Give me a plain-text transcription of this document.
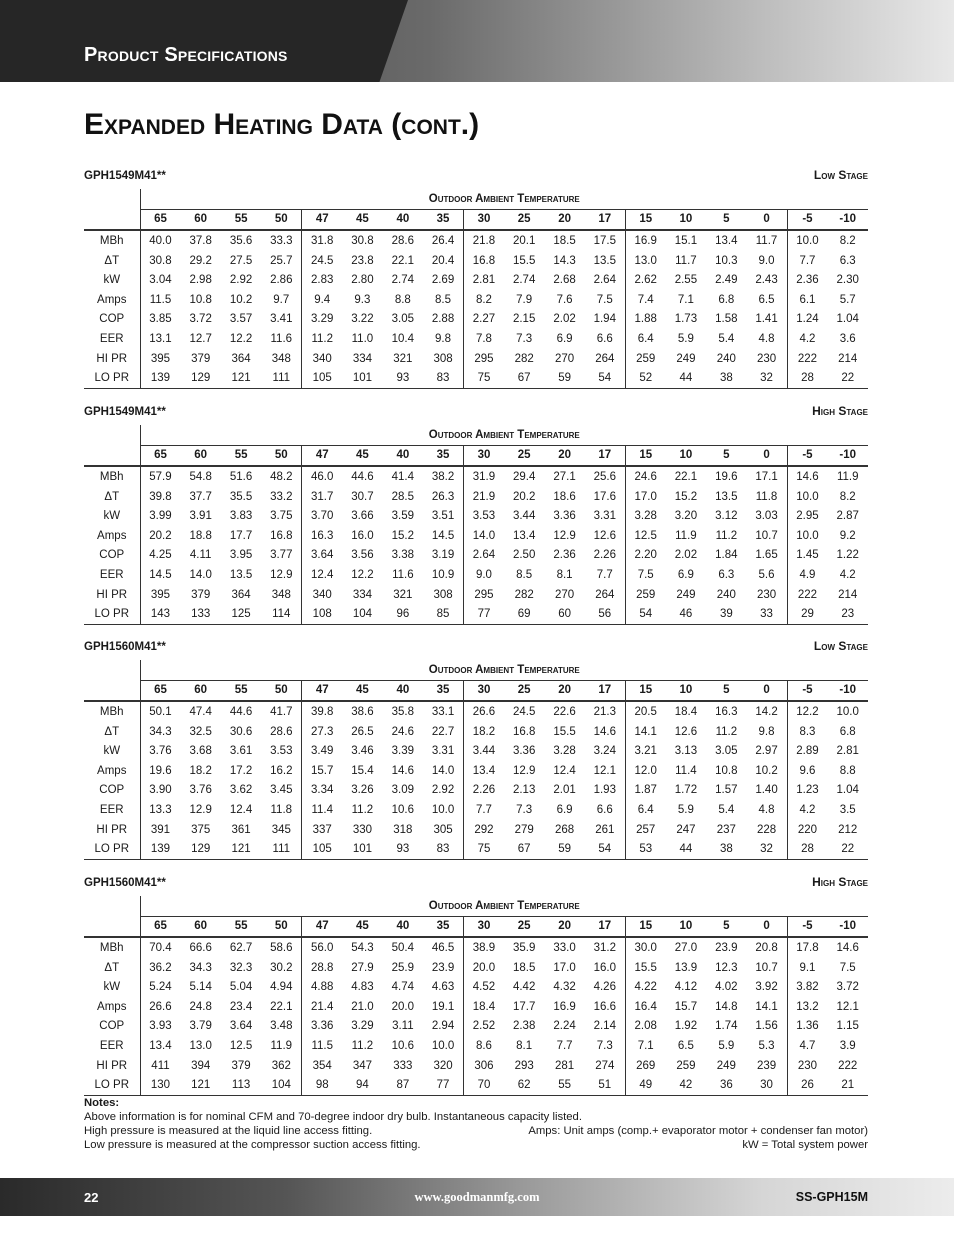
Product Specifications
Expanded Heating Data (cont.)
GPH1549M41**	Low Stage
	Outdoor Ambient Temperature																	
	65	60	55	50	47	45	40	35	30	25	20	17	15	10	5	0	-5	-10
MBh	40.0	37.8	35.6	33.3	31.8	30.8	28.6	26.4	21.8	20.1	18.5	17.5	16.9	15.1	13.4	11.7	10.0	8.2
ΔT	30.8	29.2	27.5	25.7	24.5	23.8	22.1	20.4	16.8	15.5	14.3	13.5	13.0	11.7	10.3	9.0	7.7	6.3
kW	3.04	2.98	2.92	2.86	2.83	2.80	2.74	2.69	2.81	2.74	2.68	2.64	2.62	2.55	2.49	2.43	2.36	2.30
Amps	11.5	10.8	10.2	9.7	9.4	9.3	8.8	8.5	8.2	7.9	7.6	7.5	7.4	7.1	6.8	6.5	6.1	5.7
COP	3.85	3.72	3.57	3.41	3.29	3.22	3.05	2.88	2.27	2.15	2.02	1.94	1.88	1.73	1.58	1.41	1.24	1.04
EER	13.1	12.7	12.2	11.6	11.2	11.0	10.4	9.8	7.8	7.3	6.9	6.6	6.4	5.9	5.4	4.8	4.2	3.6
HI PR	395	379	364	348	340	334	321	308	295	282	270	264	259	249	240	230	222	214
LO PR	139	129	121	111	105	101	93	83	75	67	59	54	52	44	38	32	28	22
GPH1549M41**	High Stage
	Outdoor Ambient Temperature																	
	65	60	55	50	47	45	40	35	30	25	20	17	15	10	5	0	-5	-10
MBh	57.9	54.8	51.6	48.2	46.0	44.6	41.4	38.2	31.9	29.4	27.1	25.6	24.6	22.1	19.6	17.1	14.6	11.9
ΔT	39.8	37.7	35.5	33.2	31.7	30.7	28.5	26.3	21.9	20.2	18.6	17.6	17.0	15.2	13.5	11.8	10.0	8.2
kW	3.99	3.91	3.83	3.75	3.70	3.66	3.59	3.51	3.53	3.44	3.36	3.31	3.28	3.20	3.12	3.03	2.95	2.87
Amps	20.2	18.8	17.7	16.8	16.3	16.0	15.2	14.5	14.0	13.4	12.9	12.6	12.5	11.9	11.2	10.7	10.0	9.2
COP	4.25	4.11	3.95	3.77	3.64	3.56	3.38	3.19	2.64	2.50	2.36	2.26	2.20	2.02	1.84	1.65	1.45	1.22
EER	14.5	14.0	13.5	12.9	12.4	12.2	11.6	10.9	9.0	8.5	8.1	7.7	7.5	6.9	6.3	5.6	4.9	4.2
HI PR	395	379	364	348	340	334	321	308	295	282	270	264	259	249	240	230	222	214
LO PR	143	133	125	114	108	104	96	85	77	69	60	56	54	46	39	33	29	23
GPH1560M41**	Low Stage
	Outdoor Ambient Temperature																	
	65	60	55	50	47	45	40	35	30	25	20	17	15	10	5	0	-5	-10
MBh	50.1	47.4	44.6	41.7	39.8	38.6	35.8	33.1	26.6	24.5	22.6	21.3	20.5	18.4	16.3	14.2	12.2	10.0
ΔT	34.3	32.5	30.6	28.6	27.3	26.5	24.6	22.7	18.2	16.8	15.5	14.6	14.1	12.6	11.2	9.8	8.3	6.8
kW	3.76	3.68	3.61	3.53	3.49	3.46	3.39	3.31	3.44	3.36	3.28	3.24	3.21	3.13	3.05	2.97	2.89	2.81
Amps	19.6	18.2	17.2	16.2	15.7	15.4	14.6	14.0	13.4	12.9	12.4	12.1	12.0	11.4	10.8	10.2	9.6	8.8
COP	3.90	3.76	3.62	3.45	3.34	3.26	3.09	2.92	2.26	2.13	2.01	1.93	1.87	1.72	1.57	1.40	1.23	1.04
EER	13.3	12.9	12.4	11.8	11.4	11.2	10.6	10.0	7.7	7.3	6.9	6.6	6.4	5.9	5.4	4.8	4.2	3.5
HI PR	391	375	361	345	337	330	318	305	292	279	268	261	257	247	237	228	220	212
LO PR	139	129	121	111	105	101	93	83	75	67	59	54	53	44	38	32	28	22
GPH1560M41**	High Stage
	Outdoor Ambient Temperature																	
	65	60	55	50	47	45	40	35	30	25	20	17	15	10	5	0	-5	-10
MBh	70.4	66.6	62.7	58.6	56.0	54.3	50.4	46.5	38.9	35.9	33.0	31.2	30.0	27.0	23.9	20.8	17.8	14.6
ΔT	36.2	34.3	32.3	30.2	28.8	27.9	25.9	23.9	20.0	18.5	17.0	16.0	15.5	13.9	12.3	10.7	9.1	7.5
kW	5.24	5.14	5.04	4.94	4.88	4.83	4.74	4.63	4.52	4.42	4.32	4.26	4.22	4.12	4.02	3.92	3.82	3.72
Amps	26.6	24.8	23.4	22.1	21.4	21.0	20.0	19.1	18.4	17.7	16.9	16.6	16.4	15.7	14.8	14.1	13.2	12.1
COP	3.93	3.79	3.64	3.48	3.36	3.29	3.11	2.94	2.52	2.38	2.24	2.14	2.08	1.92	1.74	1.56	1.36	1.15
EER	13.4	13.0	12.5	11.9	11.5	11.2	10.6	10.0	8.6	8.1	7.7	7.3	7.1	6.5	5.9	5.3	4.7	3.9
HI PR	411	394	379	362	354	347	333	320	306	293	281	274	269	259	249	239	230	222
LO PR	130	121	113	104	98	94	87	77	70	62	55	51	49	42	36	30	26	21
Notes:
Above information is for nominal CFM and 70-degree indoor dry bulb. Instantaneous capacity listed.
High pressure is measured at the liquid line access fitting.	Amps: Unit amps (comp.+ evaporator motor + condenser fan motor)
Low pressure is measured at the compressor suction access fitting.	kW = Total system power
22	www.goodmanmfg.com	SS-GPH15M
